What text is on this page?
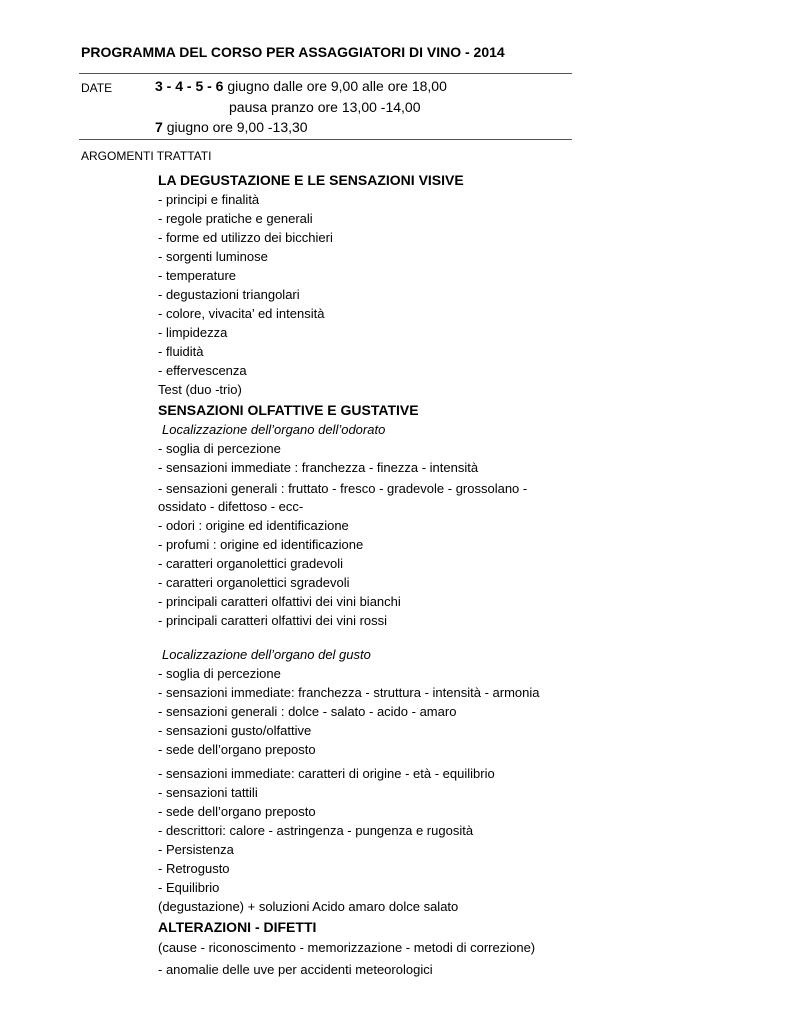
PROGRAMMA DEL CORSO PER ASSAGGIATORI DI VINO - 2014
DATE	3 - 4 - 5 - 6 giugno dalle ore 9,00 alle ore 18,00
pausa pranzo ore 13,00 -14,00
7 giugno ore 9,00 -13,30
ARGOMENTI TRATTATI
LA DEGUSTAZIONE E LE SENSAZIONI VISIVE
- principi e finalità
- regole pratiche e generali
- forme ed utilizzo dei bicchieri
- sorgenti luminose
- temperature
- degustazioni triangolari
- colore, vivacita’ ed intensità
- limpidezza
- fluidità
- effervescenza
Test (duo -trio)
SENSAZIONI OLFATTIVE E GUSTATIVE
Localizzazione dell’organo dell’odorato
- soglia di percezione
- sensazioni immediate : franchezza - finezza - intensità
- sensazioni generali : fruttato - fresco - gradevole - grossolano -
ossidato - difettoso - ecc-
- odori : origine ed identificazione
- profumi : origine ed identificazione
- caratteri organolettici gradevoli
- caratteri organolettici sgradevoli
- principali caratteri olfattivi dei vini bianchi
- principali caratteri olfattivi dei vini rossi
Localizzazione dell’organo del gusto
- soglia di percezione
- sensazioni immediate: franchezza - struttura - intensità - armonia
- sensazioni generali : dolce - salato - acido - amaro
- sensazioni gusto/olfattive
- sede dell’organo preposto
- sensazioni immediate: caratteri di origine - età - equilibrio
- sensazioni tattili
- sede dell’organo preposto
- descrittori: calore - astringenza - pungenza e rugosità
- Persistenza
- Retrogusto
- Equilibrio
(degustazione) + soluzioni Acido amaro dolce salato
ALTERAZIONI - DIFETTI
(cause - riconoscimento - memorizzazione - metodi di correzione)
- anomalie delle uve per accidenti meteorologici
